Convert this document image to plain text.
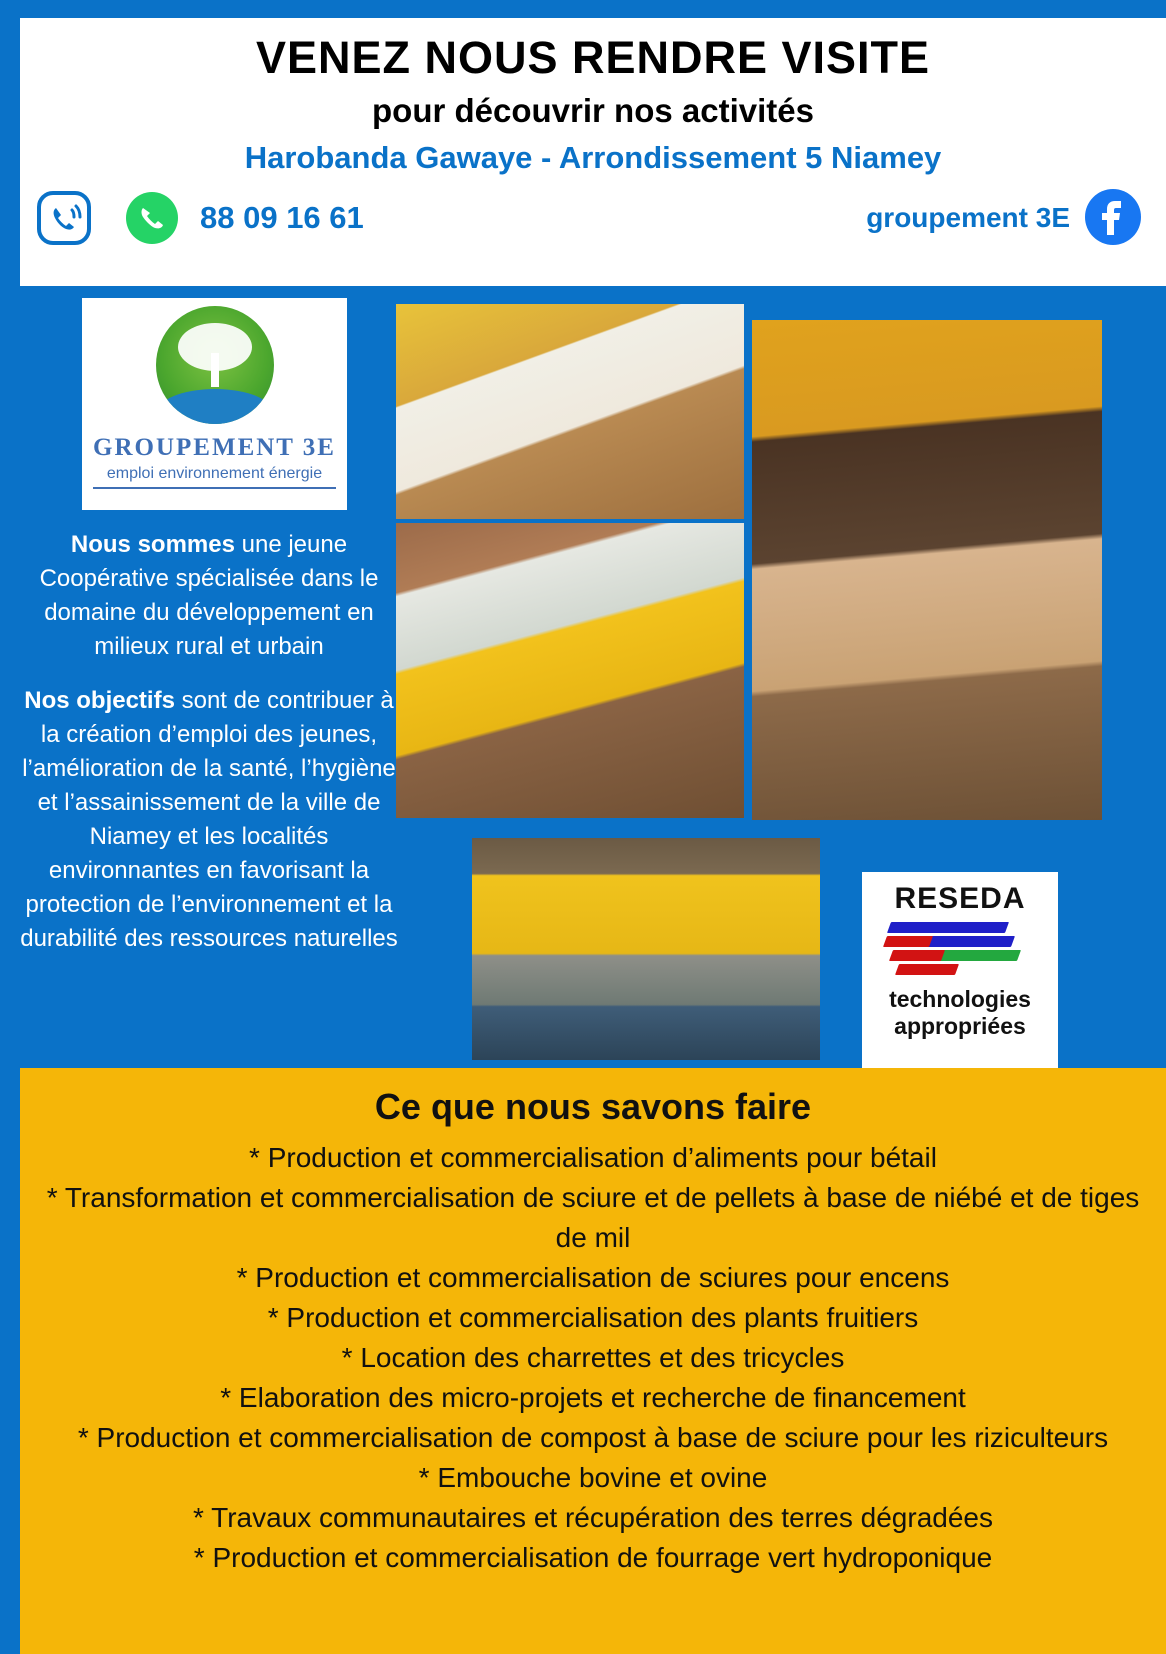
VENEZ NOUS RENDRE VISITE
pour découvrir nos activités
Harobanda Gawaye - Arrondissement 5 Niamey
88 09 16 61	groupement 3E
GROUPEMENT 3E
emploi environnement énergie

Nous sommes une jeune Coopérative spécialisée dans le domaine du développement en milieux rural et urbain

Nos objectifs sont de contribuer à la création d’emploi des jeunes, l’amélioration de la santé, l’hygiène et l’assainissement de la ville de Niamey et les localités environnantes en favorisant la protection de l’environnement et la durabilité des ressources naturelles

RESEDA
technologies
appropriées
Ce que nous savons faire
* Production et commercialisation d’aliments pour bétail
* Transformation et commercialisation de sciure et de pellets à base de niébé et de tiges de mil
* Production et commercialisation de sciures pour encens
* Production et commercialisation des plants fruitiers
* Location des charrettes et des tricycles
* Elaboration des micro-projets et recherche de financement
* Production et commercialisation de compost à base de sciure pour les riziculteurs
* Embouche bovine et ovine
* Travaux communautaires et récupération des terres dégradées
* Production et commercialisation de fourrage vert hydroponique
